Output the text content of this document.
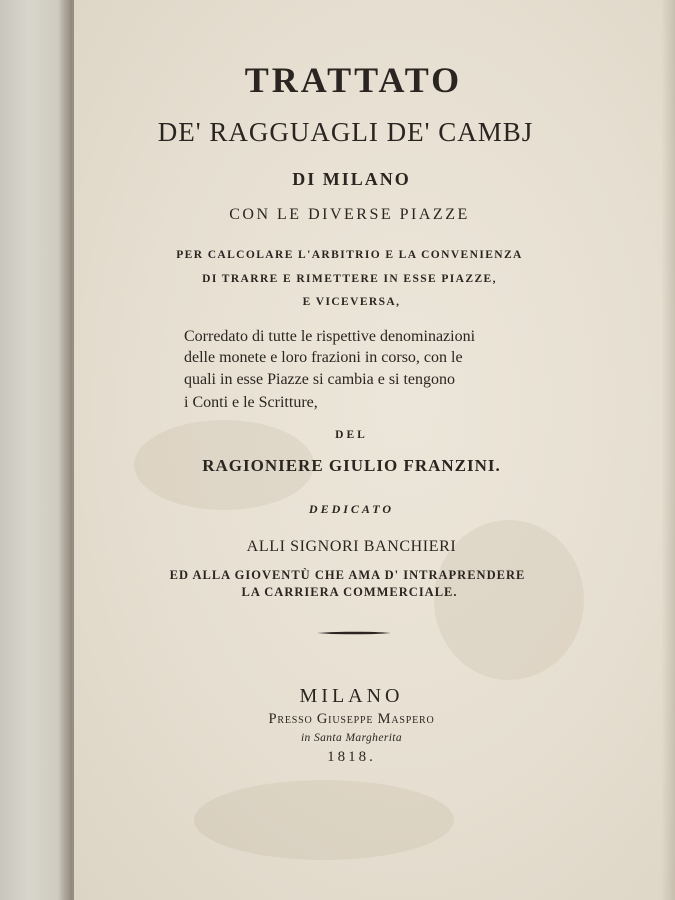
TRATTATO
DE' RAGGUAGLI DE' CAMBJ
DI MILANO
CON LE DIVERSE PIAZZE
PER CALCOLARE L'ARBITRIO E LA CONVENIENZA
DI TRARRE E RIMETTERE IN ESSE PIAZZE,
E VICEVERSA,
Corredato di tutte le rispettive denominazioni
delle monete e loro frazioni in corso, con le
quali in esse Piazze si cambia e si tengono
i Conti e le Scritture,
DEL
RAGIONIERE GIULIO FRANZINI.
DEDICATO
ALLI SIGNORI BANCHIERI
ED ALLA GIOVENTÙ CHE AMA D' INTRAPRENDERE
LA CARRIERA COMMERCIALE.
MILANO
Presso Giuseppe Maspero
in Santa Margherita
1818.
